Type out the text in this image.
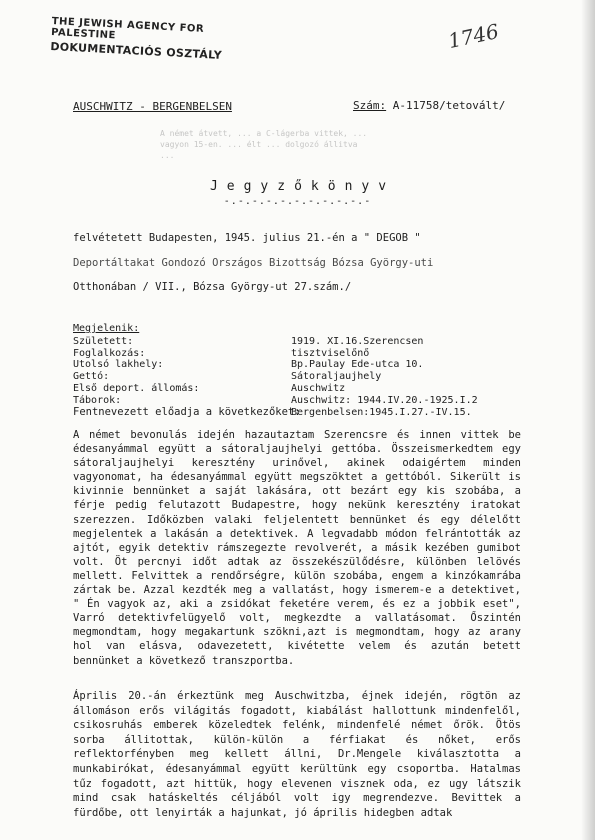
THE JEWISH AGENCY FOR PALESTINE
DOKUMENTACIÓS OSZTÁLY	1746
AUSCHWITZ - BERGENBELSEN	Szám: A-11758/tetovált/
A német átvett, ... a C-lágerba vittek, ... vagyon 15-en. ... élt ... dolgozó állitva ...
Jegyzőkönyv
-.-.-.-.-.-.-.-.-.-.-

felvétetett Budapesten, 1945. julius 21.-én a " DEGOB "

Deportáltakat Gondozó Országos Bizottság Bózsa György-uti

Otthonában / VII., Bózsa György-ut 27.szám./

Megjelenik:
Született:	1919. XI.16.Szerencsen
Foglalkozás:	tisztviselőnő
Utolsó lakhely:	Bp.Paulay Ede-utca 10.
Gettó:	Sátoraljaujhely
Első deport. állomás:	Auschwitz
Táborok:	Auschwitz: 1944.IV.20.-1925.I.2
Bergenbelsen:1945.I.27.-IV.15.
Fentnevezett előadja a következőket:

A német bevonulás idején hazautaztam Szerencsre és innen vittek be édesanyámmal együtt a sátoraljaujhelyi gettóba. Összeismerkedtem egy sátoraljaujhelyi keresztény urinővel, akinek odaigértem minden vagyonomat, ha édesanyámmal együtt megszöktet a gettóból. Sikerült is kivinnie bennünket a saját lakására, ott bezárt egy kis szobába, a férje pedig felutazott Budapestre, hogy nekünk keresztény iratokat szerezzen. Időközben valaki feljelentett bennünket és egy délelőtt megjelentek a lakásán a detektivek. A legvadabb módon felrántották az ajtót, egyik detektiv rámszegezte revolverét, a másik kezében gumibot volt. Öt percnyi időt adtak az összekészülődésre, különben lelövés mellett. Felvittek a rendőrségre, külön szobába, engem a kinzókamrába zártak be. Azzal kezdték meg a vallatást, hogy ismerem-e a detektivet, " Én vagyok az, aki a zsidókat feketére verem, és ez a jobbik eset", Varró detektivfelügyelő volt, megkezdte a vallatásomat. Őszintén megmondtam, hogy megakartunk szökni,azt is megmondtam, hogy az arany hol van elásva, odavezetett, kivétette velem és azután betett bennünket a következő transzportba.

Április 20.-án érkeztünk meg Auschwitzba, éjnek idején, rögtön az állomáson erős világitás fogadott, kiabálást hallottunk mindenfelől, csikosruhás emberek közeledtek felénk, mindenfelé német őrök. Ötös sorba állitottak, külön-külön a férfiakat és nőket, erős reflektorfényben meg kellett állni, Dr.Mengele kiválasztotta a munkabirókat, édesanyámmal együtt kerültünk egy csoportba. Hatalmas tűz fogadott, azt hittük, hogy elevenen visznek oda, ez ugy látszik mind csak hatáskeltés céljából volt igy megrendezve. Bevittek a fürdőbe, ott lenyirták a hajunkat, jó április hidegben adtak
